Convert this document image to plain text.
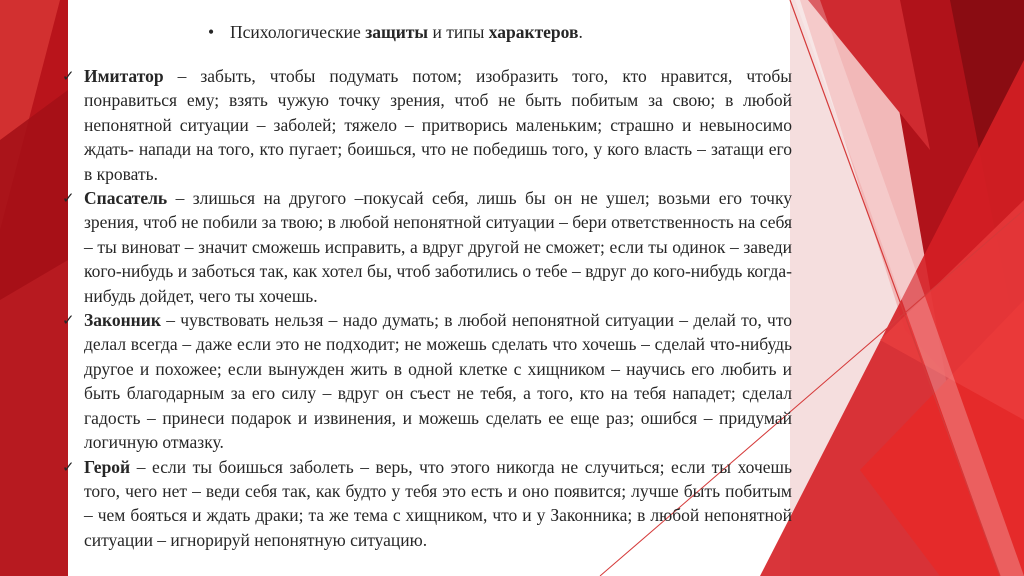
• Психологические защиты и типы характеров.
✓ Имитатор – забыть, чтобы подумать потом; изобразить того, кто нравится, чтобы понравиться ему; взять чужую точку зрения, чтоб не быть побитым за свою; в любой непонятной ситуации – заболей; тяжело – притворись маленьким; страшно и невыносимо ждать- напади на того, кто пугает; боишься, что не победишь того, у кого власть – затащи его в кровать.
✓ Спасатель – злишься на другого –покусай себя, лишь бы он не ушел; возьми его точку зрения, чтоб не побили за твою; в любой непонятной ситуации – бери ответственность на себя – ты виноват – значит сможешь исправить, а вдруг другой не сможет; если ты одинок – заведи кого-нибудь и заботься так, как хотел бы, чтоб заботились о тебе – вдруг до кого-нибудь когда-нибудь дойдет, чего ты хочешь.
✓ Законник – чувствовать нельзя – надо думать; в любой непонятной ситуации – делай то, что делал всегда – даже если это не подходит; не можешь сделать что хочешь – сделай что-нибудь другое и похожее; если вынужден жить в одной клетке с хищником – научись его любить и быть благодарным за его силу – вдруг он съест не тебя, а того, кто на тебя нападет; сделал гадость – принеси подарок и извинения, и можешь сделать ее еще раз; ошибся – придумай логичную отмазку.
✓ Герой – если ты боишься заболеть – верь, что этого никогда не случиться; если ты хочешь того, чего нет – веди себя так, как будто у тебя это есть и оно появится; лучше быть побитым – чем бояться и ждать драки; та же тема с хищником, что и у Законника; в любой непонятной ситуации – игнорируй непонятную ситуацию.
